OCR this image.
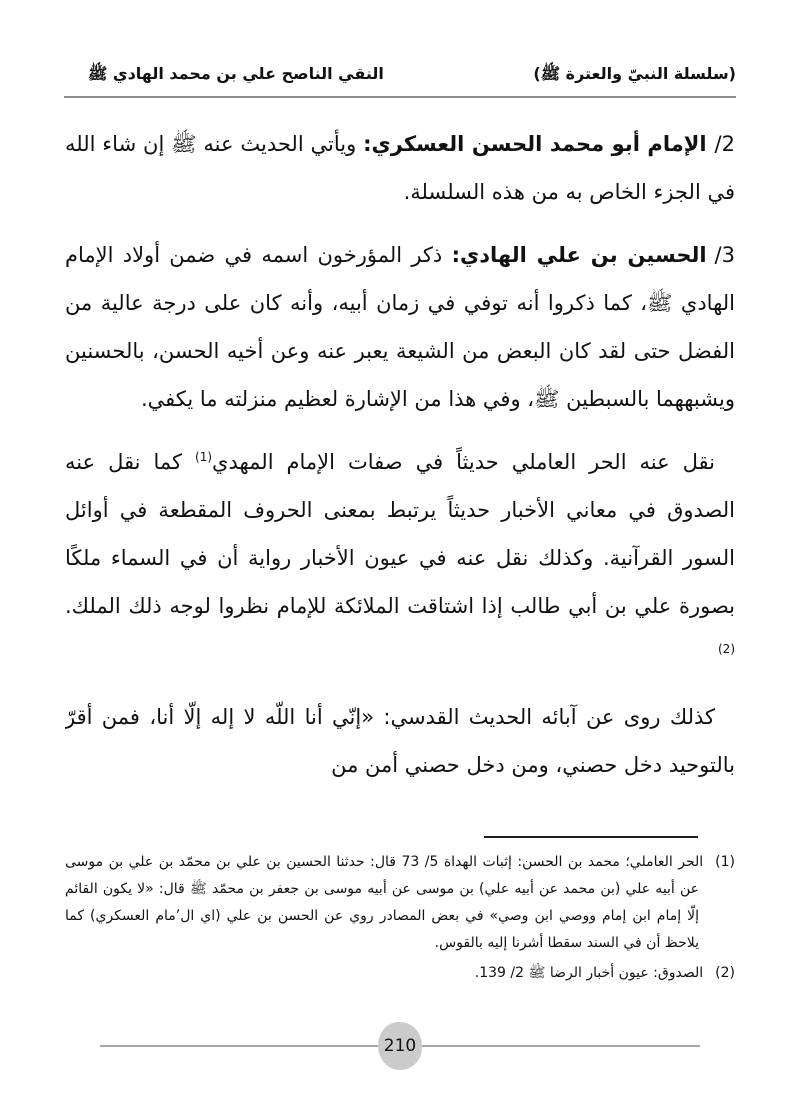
(سلسلة النبيّ والعترة ﷺ)
النقي الناصح علي بن محمد الهادي ﷺ

2/الإمام أبو محمد الحسن العسكري: ويأتي الحديث عنه ﷺ إن شاء الله في الجزء الخاص به من هذه السلسلة.

3/الحسين بن علي الهادي: ذكر المؤرخون اسمه في ضمن أولاد الإمام الهادي ﷺ، كما ذكروا أنه توفي في زمان أبيه، وأنه كان على درجة عالية من الفضل حتى لقد كان البعض من الشيعة يعبر عنه وعن أخيه الحسن، بالحسنين ويشبههما بالسبطين ﷺ، وفي هذا من الإشارة لعظيم منزلته ما يكفي.

نقل عنه الحر العاملي حديثاً في صفات الإمام المهدي$^{(1)}$ كما نقل عنه الصدوق في معاني الأخبار حديثاً يرتبط بمعنى الحروف المقطعة في أوائل السور القرآنية. وكذلك نقل عنه في عيون الأخبار رواية أن في السماء ملكًا بصورة علي بن أبي طالب إذا اشتاقت الملائكة للإمام نظروا لوجه ذلك الملك.$^{(2)}$

كذلك روى عن آبائه الحديث القدسي: «إنّي أنا اللّه لا إله إلّا أنا، فمن أقرّ بالتوحيد دخل حصني، ومن دخل حصني أمن من

(1)الحر العاملي؛ محمد بن الحسن: إثبات الهداة 5/ 73 قال: حدثنا الحسين بن علي بن محمّد بن علي بن موسى عن أبيه علي (بن محمد عن أبيه علي) بن موسى عن أبيه موسى بن جعفر بن محمّد ﷺ قال: «لا يكون القائم إلّا إمام ابن إمام ووصي ابن وصي» في بعض المصادر روي عن الحسن بن علي (اي ال’مام العسكري) كما يلاحظ أن في السند سقطا أشرنا إليه بالقوس.

(2)الصدوق: عيون أخبار الرضا ﷺ 2/ 139.

210
